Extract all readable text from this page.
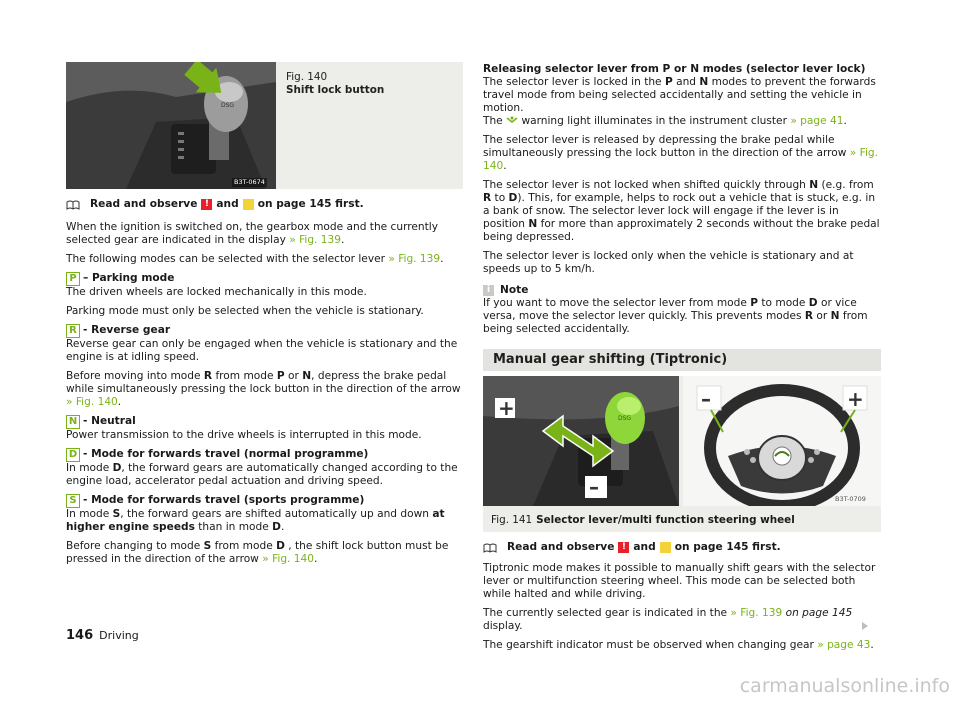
DSG
B3T-0674
Fig. 140
Shift lock button

Read and observe ! and on page 145 first.

When the ignition is switched on, the gearbox mode and the currently selected gear are indicated in the display » Fig. 139.

The following modes can be selected with the selector lever » Fig. 139.

P – Parking mode

The driven wheels are locked mechanically in this mode.

Parking mode must only be selected when the vehicle is stationary.

R - Reverse gear

Reverse gear can only be engaged when the vehicle is stationary and the engine is at idling speed.

Before moving into mode R from mode P or N, depress the brake pedal while simultaneously pressing the lock button in the direction of the arrow » Fig. 140.

N - Neutral

Power transmission to the drive wheels is interrupted in this mode.

D - Mode for forwards travel (normal programme)

In mode D, the forward gears are automatically changed according to the engine load, accelerator pedal actuation and driving speed.

S - Mode for forwards travel (sports programme)

In mode S, the forward gears are shifted automatically up and down at higher engine speeds than in mode D.

Before changing to mode S from mode D , the shift lock button must be pressed in the direction of the arrow » Fig. 140.

Releasing selector lever from P or N modes (selector lever lock)

The selector lever is locked in the P and N modes to prevent the forwards travel mode from being selected accidentally and setting the vehicle in motion.
The  warning light illuminates in the instrument cluster » page 41.

The selector lever is released by depressing the brake pedal while simultaneously pressing the lock button in the direction of the arrow » Fig. 140.

The selector lever is not locked when shifted quickly through N (e.g. from R to D). This, for example, helps to rock out a vehicle that is stuck, e.g. in a bank of snow. The selector lever lock will engage if the lever is in position N for more than approximately 2 seconds without the brake pedal being depressed.

The selector lever is locked only when the vehicle is stationary and at speeds up to 5 km/h.

i Note

If you want to move the selector lever from mode P to mode D or vice versa, move the selector lever quickly. This prevents modes R or N from being selected accidentally.

Manual gear shifting (Tiptronic)
DSG
+
–
–	+
B3T-0709
Fig. 141 Selector lever/multi function steering wheel

Read and observe ! and on page 145 first.

Tiptronic mode makes it possible to manually shift gears with the selector lever or multifunction steering wheel. This mode can be selected both while halted and while driving.

The currently selected gear is indicated in the » Fig. 139 on page 145 display.

The gearshift indicator must be observed when changing gear » page 43.

146 Driving
carmanualsonline.info
